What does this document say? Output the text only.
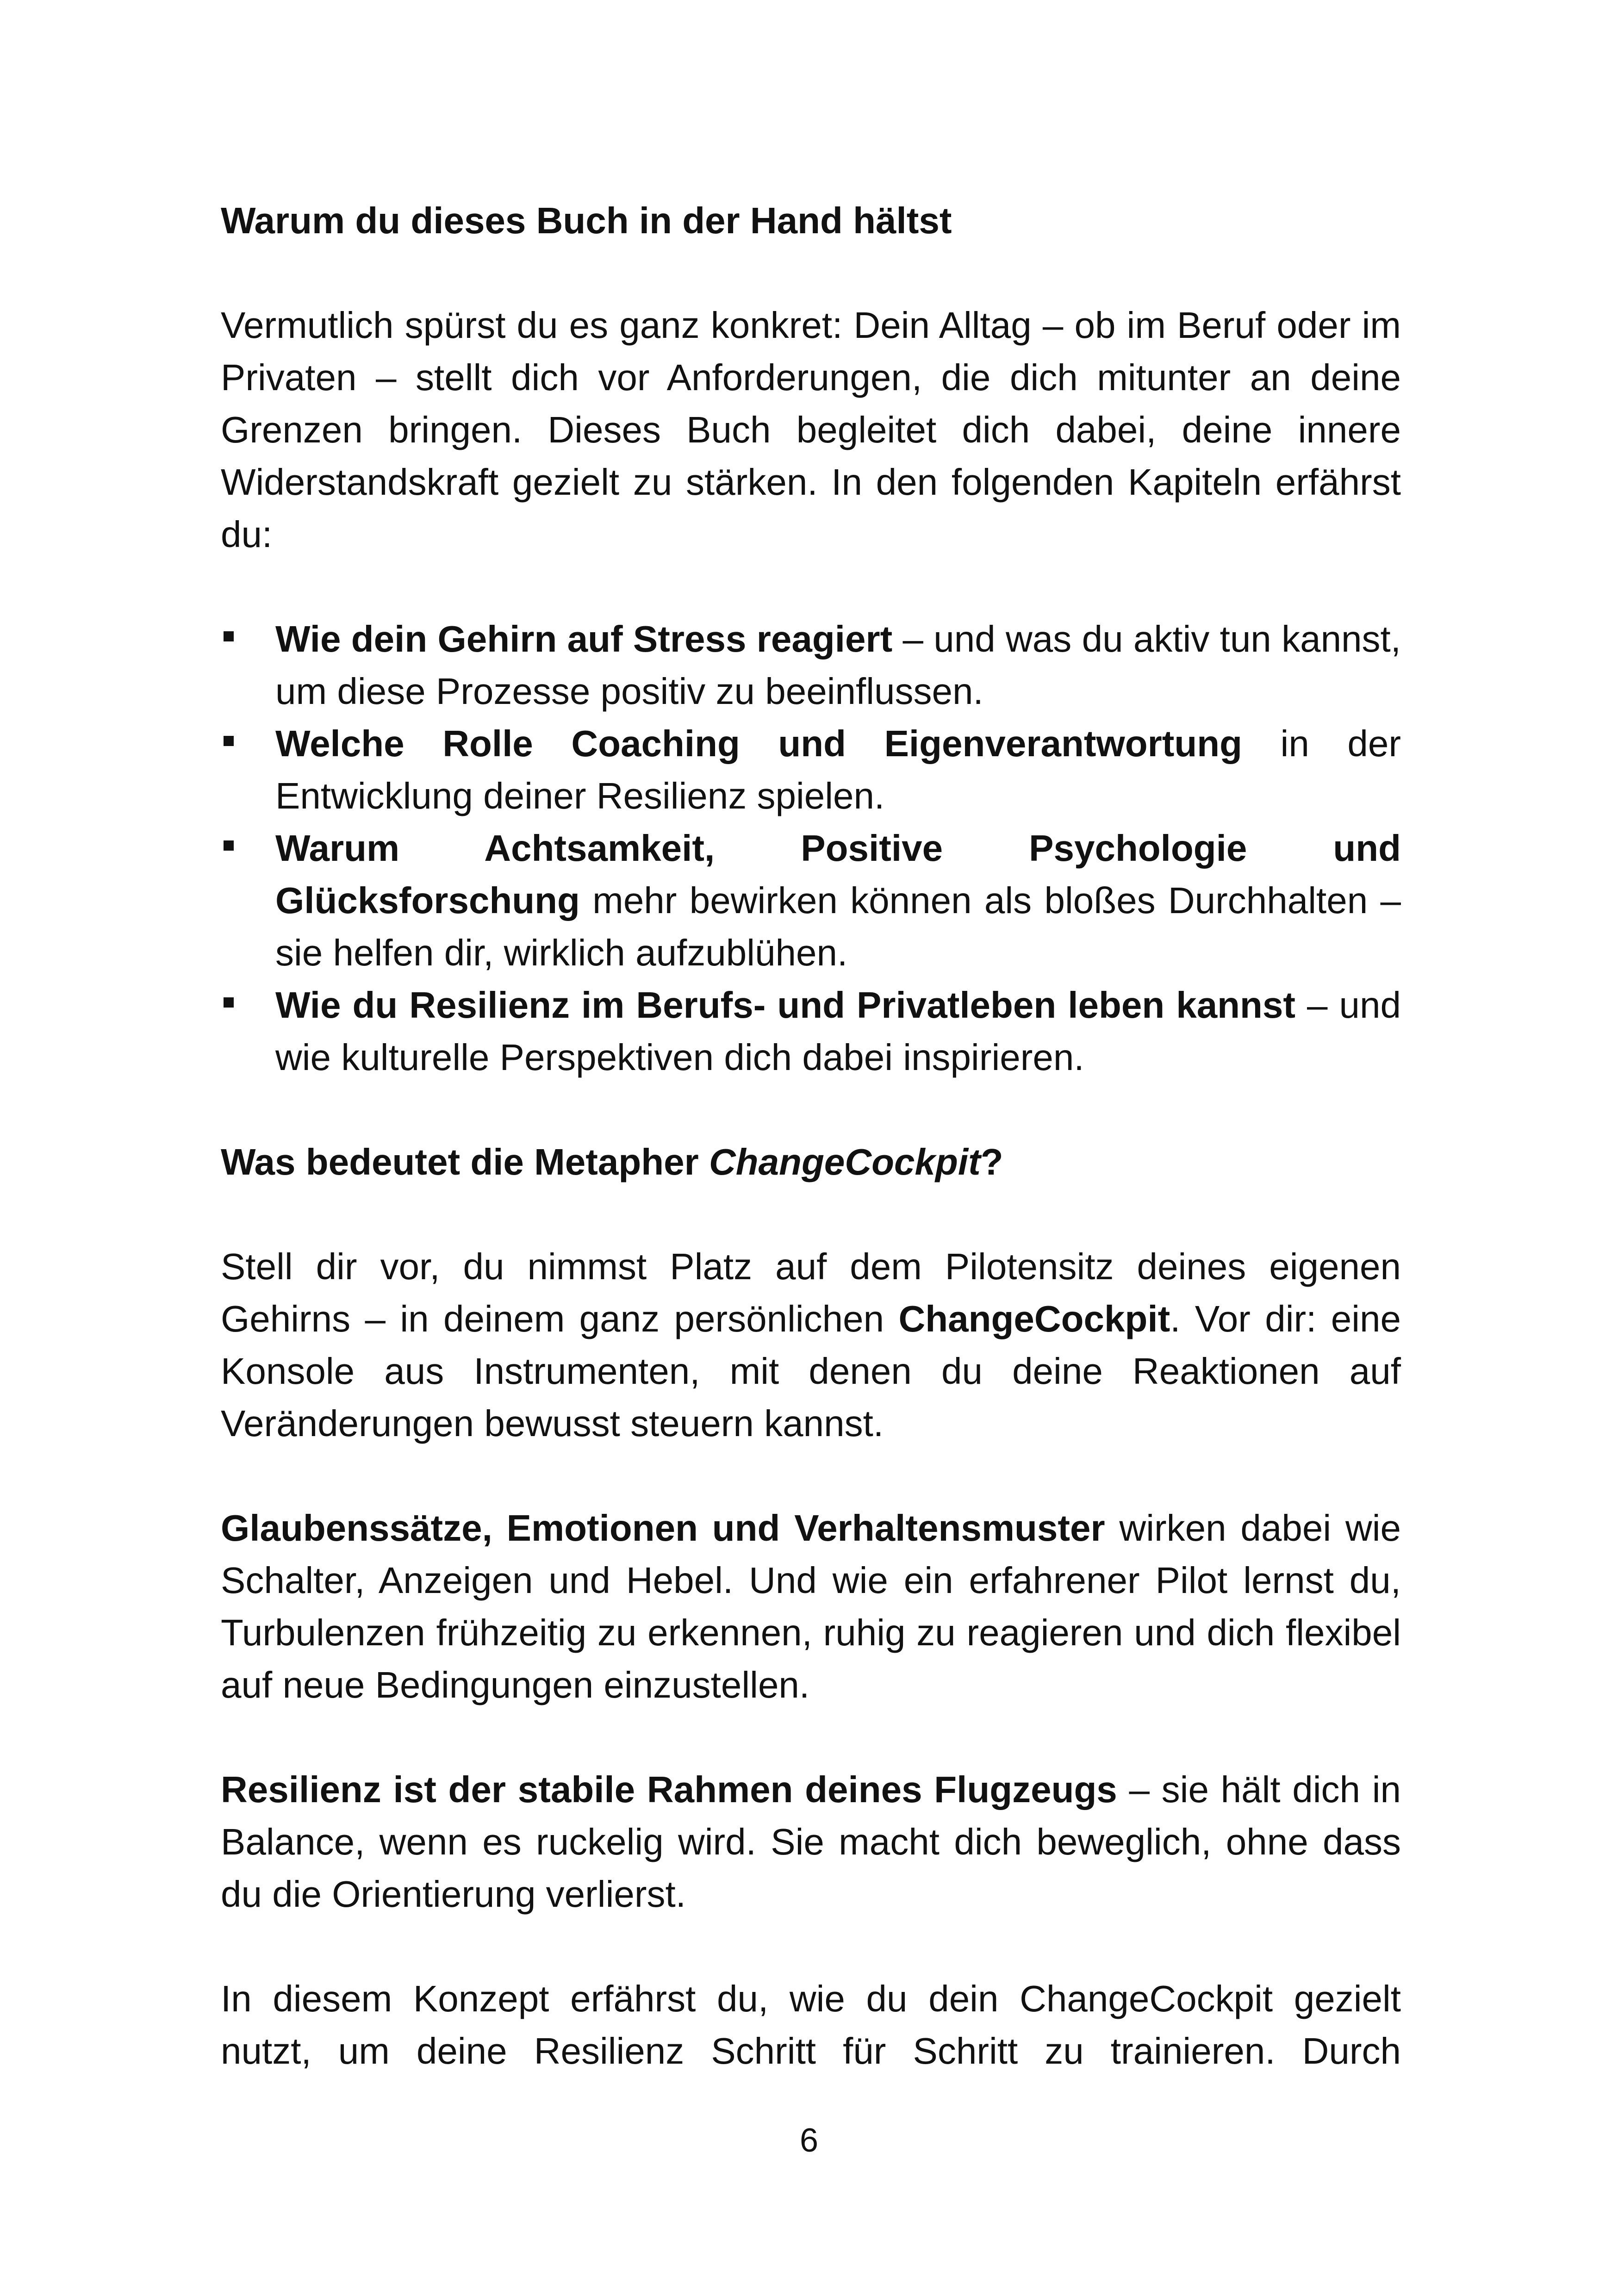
Warum du dieses Buch in der Hand hältst

Vermutlich spürst du es ganz konkret: Dein Alltag – ob im Beruf oder im Privaten – stellt dich vor Anforderungen, die dich mitunter an deine Grenzen bringen. Dieses Buch begleitet dich dabei, deine innere Widerstandskraft gezielt zu stärken. In den folgenden Kapiteln erfährst du:

Wie dein Gehirn auf Stress reagiert – und was du aktiv tun kannst, um diese Prozesse positiv zu beeinflussen.
Welche Rolle Coaching und Eigenverantwortung in der Entwicklung deiner Resilienz spielen.
Warum Achtsamkeit, Positive Psychologie und Glücksforschung mehr bewirken können als bloßes Durchhalten – sie helfen dir, wirklich aufzublühen.
Wie du Resilienz im Berufs- und Privatleben leben kannst – und wie kulturelle Perspektiven dich dabei inspirieren.
Was bedeutet die Metapher ChangeCockpit?

Stell dir vor, du nimmst Platz auf dem Pilotensitz deines eigenen Gehirns – in deinem ganz persönlichen ChangeCockpit. Vor dir: eine Konsole aus Instrumenten, mit denen du deine Reaktionen auf Veränderungen bewusst steuern kannst.

Glaubenssätze, Emotionen und Verhaltensmuster wirken dabei wie Schalter, Anzeigen und Hebel. Und wie ein erfahrener Pilot lernst du, Turbulenzen frühzeitig zu erkennen, ruhig zu reagieren und dich flexibel auf neue Bedingungen einzustellen.

Resilienz ist der stabile Rahmen deines Flugzeugs – sie hält dich in Balance, wenn es ruckelig wird. Sie macht dich beweglich, ohne dass du die Orientierung verlierst.

In diesem Konzept erfährst du, wie du dein ChangeCockpit gezielt nutzt, um deine Resilienz Schritt für Schritt zu trainieren. Durch

6
